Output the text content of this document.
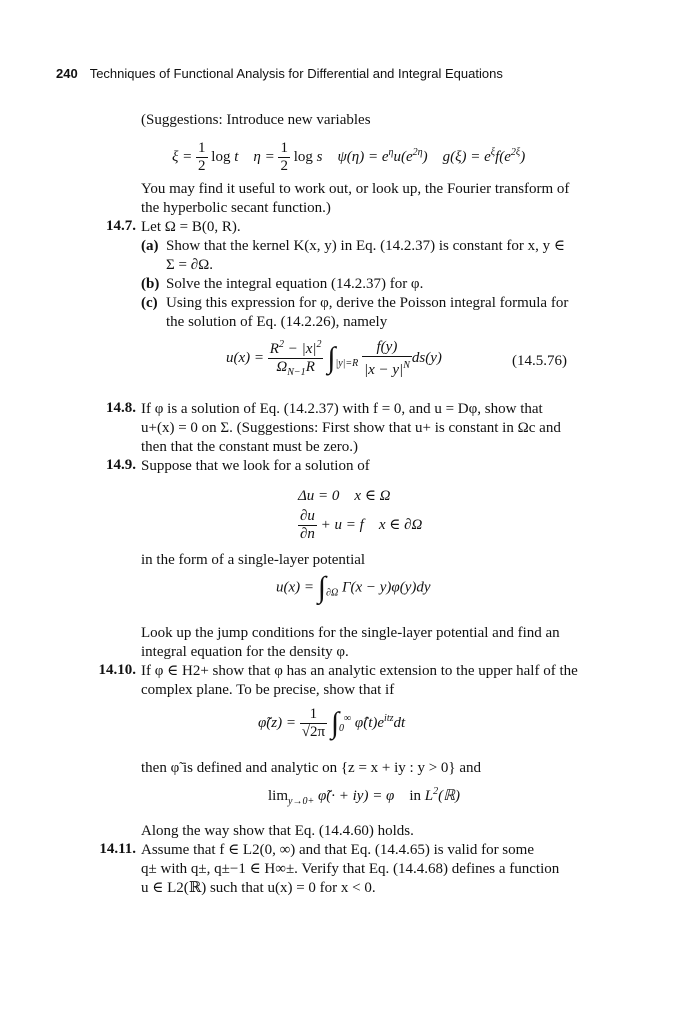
240 Techniques of Functional Analysis for Differential and Integral Equations
(Suggestions: Introduce new variables
$\xi = \frac{1}{2}$ log t    $\eta = \frac{1}{2}$ log s    $\psi(\eta) = e^\eta u(e^{2\eta})$    $g(\xi) = e^\xi f(e^{2\xi})$
You may find it useful to work out, or look up, the Fourier transform of
the hyperbolic secant function.)
14.7. Let Ω = B(0, R).
(a) Show that the kernel K(x, y) in Eq. (14.2.37) is constant for x, y ∈
Σ = ∂Ω.
(b) Solve the integral equation (14.2.37) for φ.
(c) Using this expression for φ, derive the Poisson integral formula for
the solution of Eq. (14.2.26), namely
$u(x) = \frac{R^2 - |x|^2}{\Omega_{N-1}R} \int_{|y|=R} \frac{f(y)}{|x - y|^N} ds(y)$	(14.5.76)
14.8. If φ is a solution of Eq. (14.2.37) with f = 0, and u = Dφ, show that
u+(x) = 0 on Σ. (Suggestions: First show that u+ is constant in Ωc and
then that the constant must be zero.)
14.9. Suppose that we look for a solution of
Δu = 0    x ∈ Ω
$\frac{\partial u}{\partial n} + u = f$    x ∈ ∂Ω
in the form of a single-layer potential
$u(x) = \int_{\partial\Omega}$ Γ(x − y)φ(y)dy
Look up the jump conditions for the single-layer potential and find an
integral equation for the density φ.
14.10. If φ ∈ H2+ show that φ has an analytic extension to the upper half of the
complex plane. To be precise, show that if
φ̃(z) = $\frac{1}{√2\pi} \int_0^\infty$ $\varphî(t)e^{itz}dt$
then φ̃ is defined and analytic on {z = x + iy : y > 0} and
$\lim_{y\to 0+}$ φ̃(· + iy) = φ    in $L^2(ℝ)$
Along the way show that Eq. (14.4.60) holds.
14.11. Assume that f ∈ L2(0, ∞) and that Eq. (14.4.65) is valid for some
q± with q±, q±−1 ∈ H∞±. Verify that Eq. (14.4.68) defines a function
u ∈ L2(ℝ) such that u(x) = 0 for x < 0.
